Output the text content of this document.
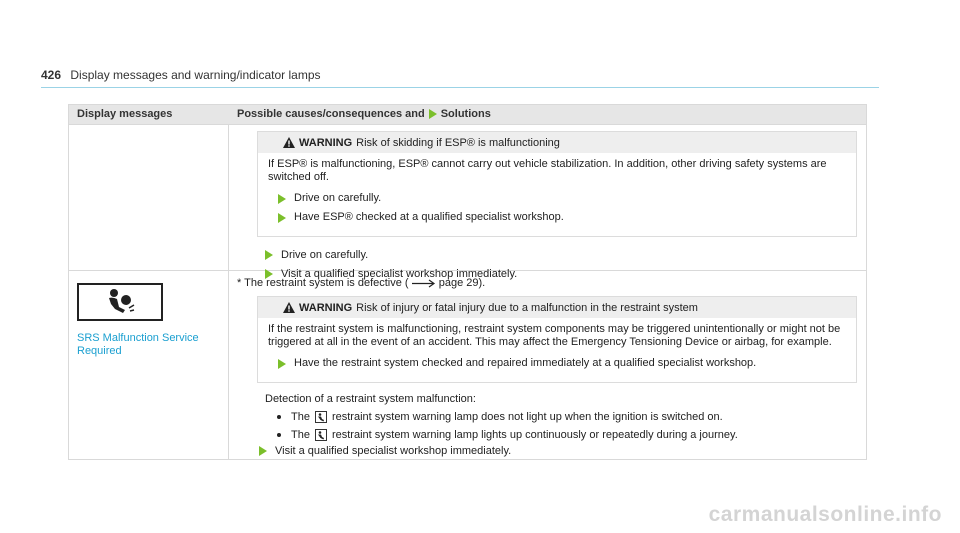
426 Display messages and warning/indicator lamps
Display messages	Possible causes/consequences and Solutions
WARNING Risk of skidding if ESP® is malfunctioning

If ESP® is malfunctioning, ESP® cannot carry out vehicle stabilization. In addition, other driving safety systems are switched off.

Drive on carefully.
Have ESP® checked at a qualified specialist workshop.
Drive on carefully.
Visit a qualified specialist workshop immediately.
SRS Malfunction Service Required
* The restraint system is defective (	page 29).
WARNING Risk of injury or fatal injury due to a malfunction in the restraint system

If the restraint system is malfunctioning, restraint system components may be triggered unintentionally or might not be triggered at all in the event of an accident. This may affect the Emergency Tensioning Device or airbag, for example.

Have the restraint system checked and repaired immediately at a qualified specialist workshop.
Detection of a restraint system malfunction:
The restraint system warning lamp does not light up when the ignition is switched on.
The restraint system warning lamp lights up continuously or repeatedly during a journey.
Visit a qualified specialist workshop immediately.
carmanualsonline.info
